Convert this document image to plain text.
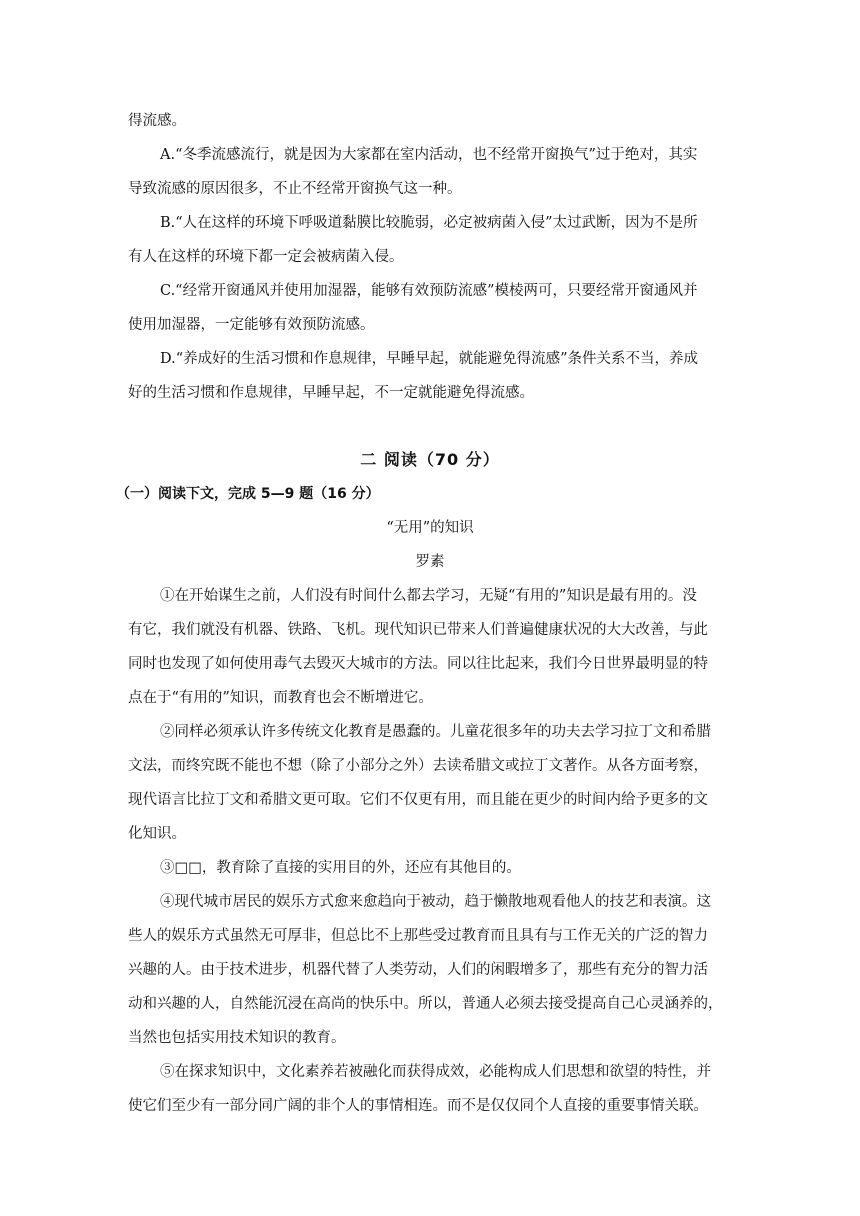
得流感。
A.“冬季流感流行，就是因为大家都在室内活动，也不经常开窗换气”过于绝对，其实
导致流感的原因很多，不止不经常开窗换气这一种。
B.“人在这样的环境下呼吸道黏膜比较脆弱，必定被病菌入侵”太过武断，因为不是所
有人在这样的环境下都一定会被病菌入侵。
C.“经常开窗通风并使用加湿器，能够有效预防流感”模棱两可，只要经常开窗通风并
使用加湿器，一定能够有效预防流感。
D.“养成好的生活习惯和作息规律，早睡早起，就能避免得流感”条件关系不当，养成
好的生活习惯和作息规律，早睡早起，不一定就能避免得流感。
二 阅读（70 分）
（一）阅读下文，完成 5—9 题（16 分）
“无用”的知识
罗素
①在开始谋生之前，人们没有时间什么都去学习，无疑“有用的”知识是最有用的。没
有它，我们就没有机器、铁路、飞机。现代知识已带来人们普遍健康状况的大大改善，与此
同时也发现了如何使用毒气去毁灭大城市的方法。同以往比起来，我们今日世界最明显的特
点在于“有用的”知识，而教育也会不断增进它。
②同样必须承认许多传统文化教育是愚蠢的。儿童花很多年的功夫去学习拉丁文和希腊
文法，而终究既不能也不想（除了小部分之外）去读希腊文或拉丁文著作。从各方面考察，
现代语言比拉丁文和希腊文更可取。它们不仅更有用，而且能在更少的时间内给予更多的文
化知识。
③□□，教育除了直接的实用目的外，还应有其他目的。
④现代城市居民的娱乐方式愈来愈趋向于被动，趋于懒散地观看他人的技艺和表演。这
些人的娱乐方式虽然无可厚非，但总比不上那些受过教育而且具有与工作无关的广泛的智力
兴趣的人。由于技术进步，机器代替了人类劳动，人们的闲暇增多了，那些有充分的智力活
动和兴趣的人，自然能沉浸在高尚的快乐中。所以，普通人必须去接受提高自己心灵涵养的，
当然也包括实用技术知识的教育。
⑤在探求知识中，文化素养若被融化而获得成效，必能构成人们思想和欲望的特性，并
使它们至少有一部分同广阔的非个人的事情相连。而不是仅仅同个人直接的重要事情关联。
